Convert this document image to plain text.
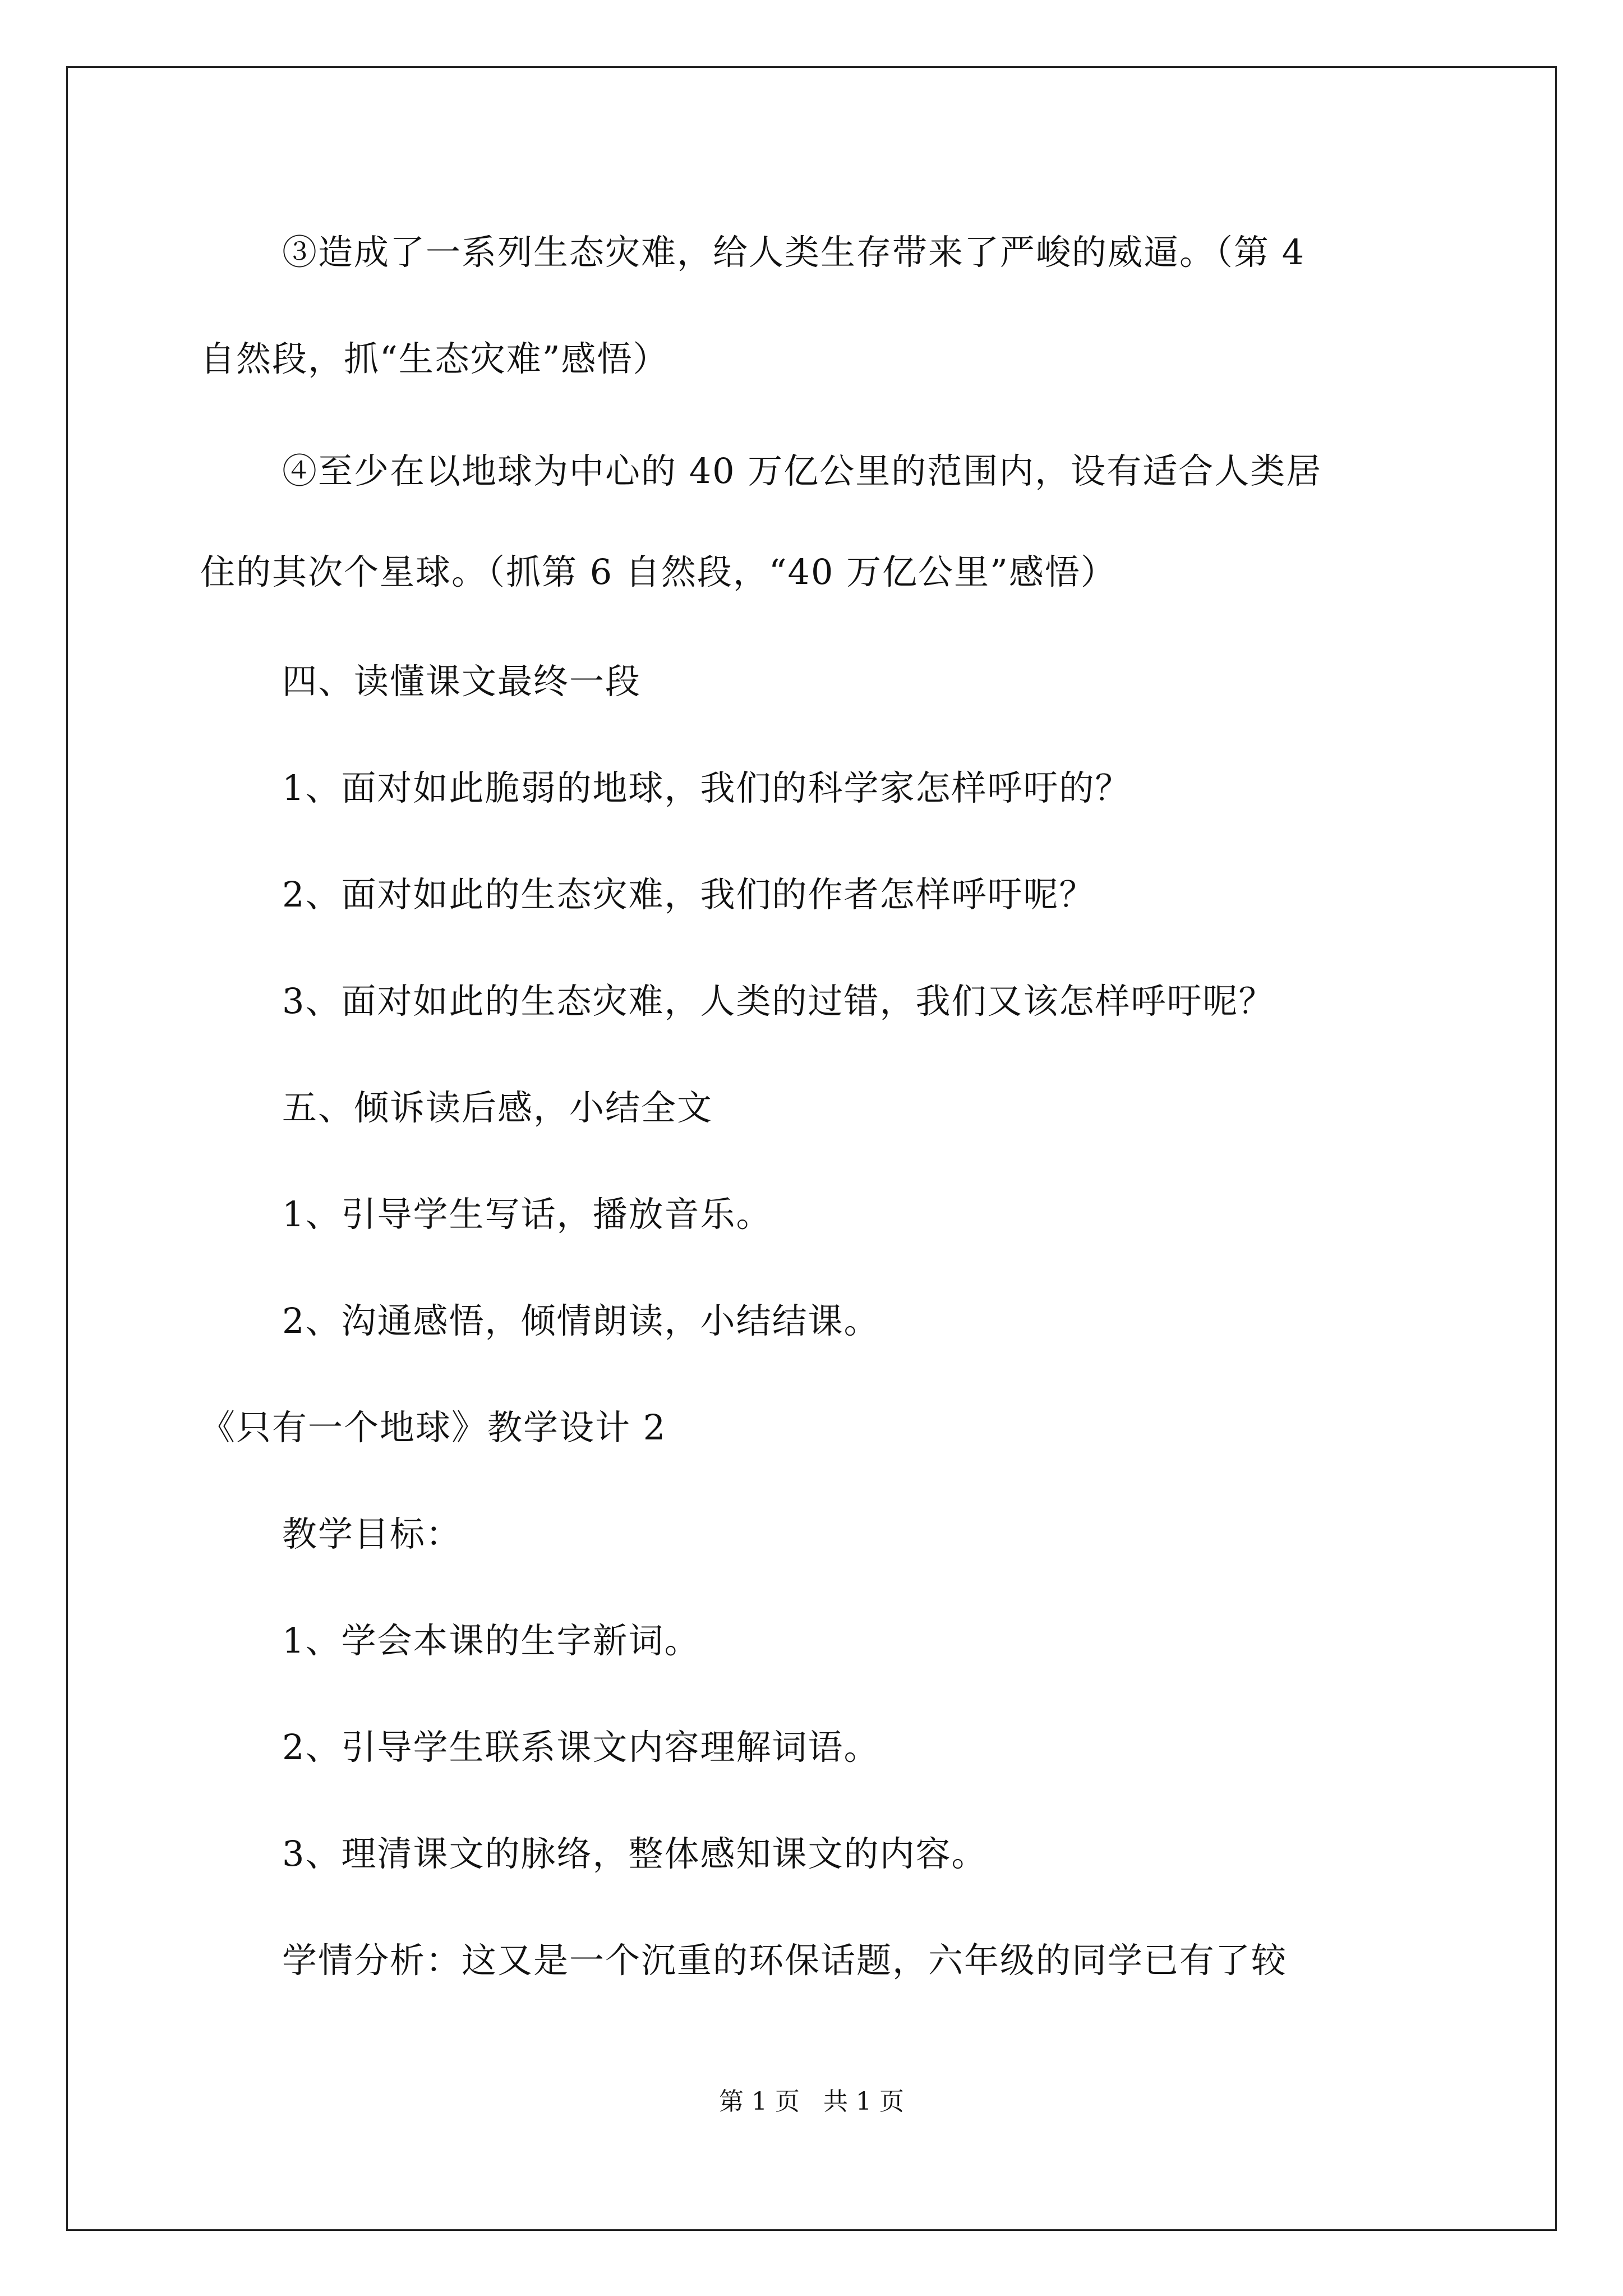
③造成了一系列生态灾难，给人类生存带来了严峻的威逼。（第 4
自然段，抓“生态灾难”感悟）
④至少在以地球为中心的 40 万亿公里的范围内，设有适合人类居
住的其次个星球。（抓第 6 自然段，“40 万亿公里”感悟）
四、读懂课文最终一段
1、面对如此脆弱的地球，我们的科学家怎样呼吁的？
2、面对如此的生态灾难，我们的作者怎样呼吁呢？
3、面对如此的生态灾难，人类的过错，我们又该怎样呼吁呢？
五、倾诉读后感，小结全文
1、引导学生写话，播放音乐。
2、沟通感悟，倾情朗读，小结结课。
《只有一个地球》教学设计 2
教学目标：
1、学会本课的生字新词。
2、引导学生联系课文内容理解词语。
3、理清课文的脉络，整体感知课文的内容。
学情分析：这又是一个沉重的环保话题，六年级的同学已有了较
第 1 页   共 1 页
